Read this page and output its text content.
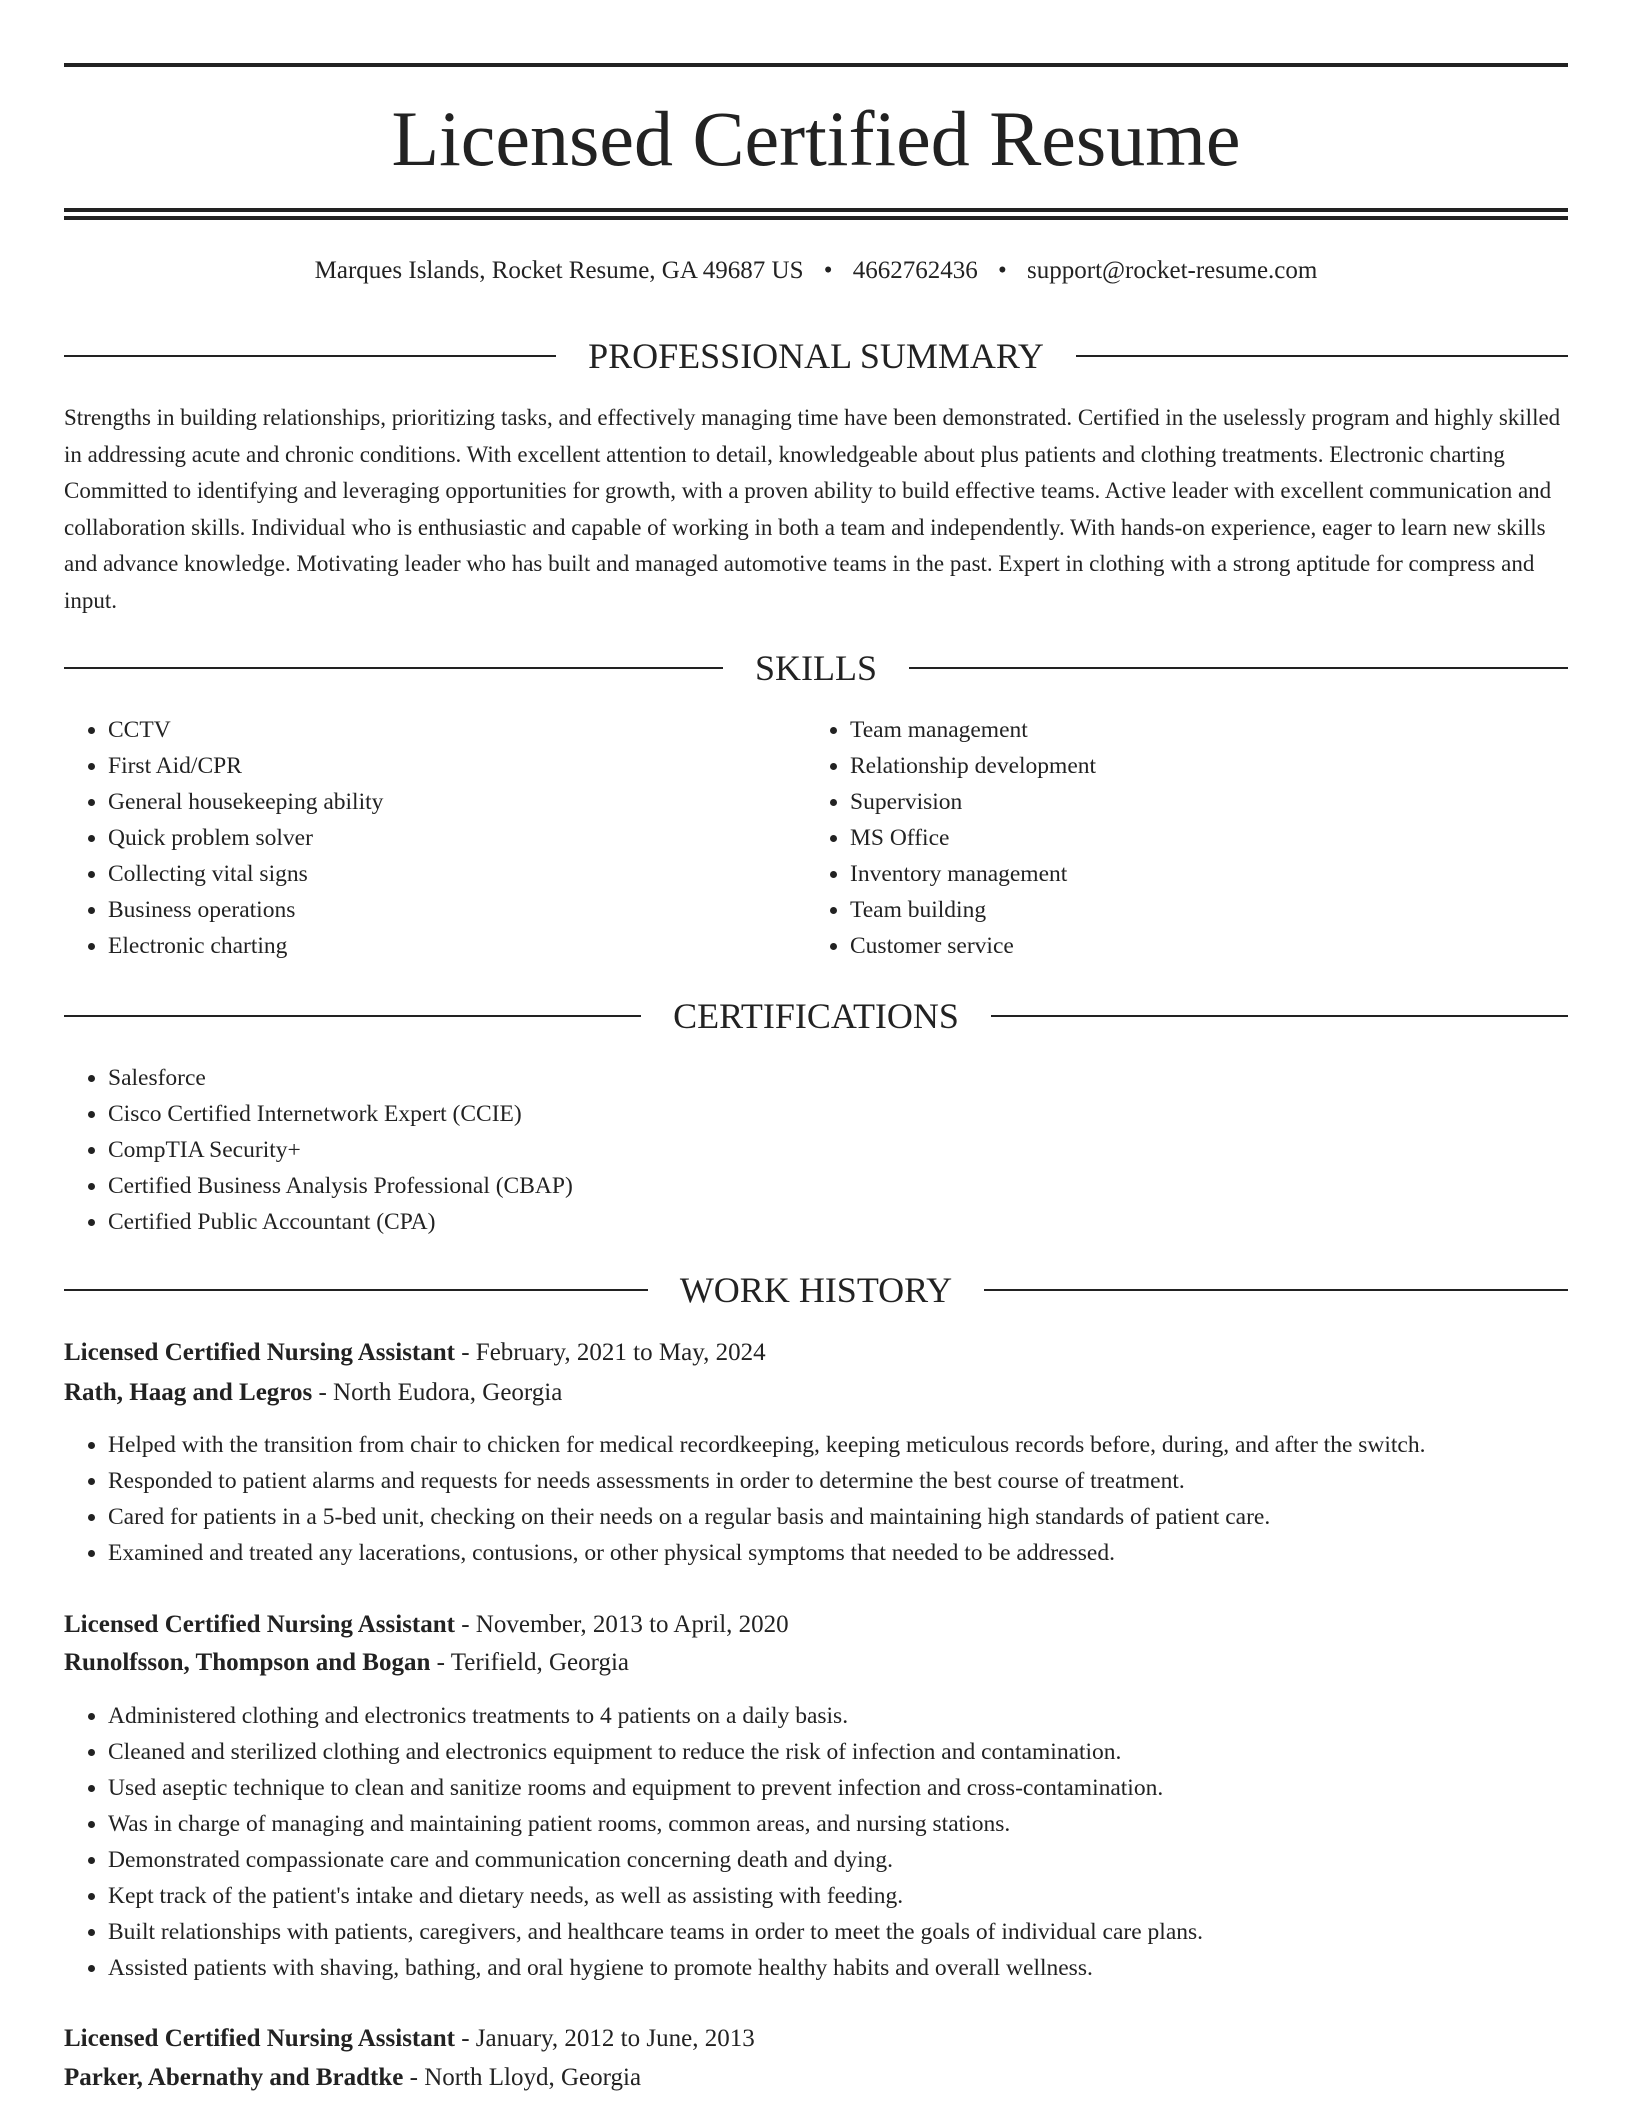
Licensed Certified Resume
Marques Islands, Rocket Resume, GA 49687 US • 4662762436 • support@rocket-resume.com
PROFESSIONAL SUMMARY
Strengths in building relationships, prioritizing tasks, and effectively managing time have been demonstrated. Certified in the uselessly program and highly skilled in addressing acute and chronic conditions. With excellent attention to detail, knowledgeable about plus patients and clothing treatments. Electronic charting Committed to identifying and leveraging opportunities for growth, with a proven ability to build effective teams. Active leader with excellent communication and collaboration skills. Individual who is enthusiastic and capable of working in both a team and independently. With hands-on experience, eager to learn new skills and advance knowledge. Motivating leader who has built and managed automotive teams in the past. Expert in clothing with a strong aptitude for compress and input.
SKILLS
• CCTV
• First Aid/CPR
• General housekeeping ability
• Quick problem solver
• Collecting vital signs
• Business operations
• Electronic charting
• Team management
• Relationship development
• Supervision
• MS Office
• Inventory management
• Team building
• Customer service
CERTIFICATIONS
• Salesforce
• Cisco Certified Internetwork Expert (CCIE)
• CompTIA Security+
• Certified Business Analysis Professional (CBAP)
• Certified Public Accountant (CPA)
WORK HISTORY
Licensed Certified Nursing Assistant - February, 2021 to May, 2024
Rath, Haag and Legros - North Eudora, Georgia
• Helped with the transition from chair to chicken for medical recordkeeping, keeping meticulous records before, during, and after the switch.
• Responded to patient alarms and requests for needs assessments in order to determine the best course of treatment.
• Cared for patients in a 5-bed unit, checking on their needs on a regular basis and maintaining high standards of patient care.
• Examined and treated any lacerations, contusions, or other physical symptoms that needed to be addressed.
Licensed Certified Nursing Assistant - November, 2013 to April, 2020
Runolfsson, Thompson and Bogan - Terifield, Georgia
• Administered clothing and electronics treatments to 4 patients on a daily basis.
• Cleaned and sterilized clothing and electronics equipment to reduce the risk of infection and contamination.
• Used aseptic technique to clean and sanitize rooms and equipment to prevent infection and cross-contamination.
• Was in charge of managing and maintaining patient rooms, common areas, and nursing stations.
• Demonstrated compassionate care and communication concerning death and dying.
• Kept track of the patient's intake and dietary needs, as well as assisting with feeding.
• Built relationships with patients, caregivers, and healthcare teams in order to meet the goals of individual care plans.
• Assisted patients with shaving, bathing, and oral hygiene to promote healthy habits and overall wellness.
Licensed Certified Nursing Assistant - January, 2012 to June, 2013
Parker, Abernathy and Bradtke - North Lloyd, Georgia
